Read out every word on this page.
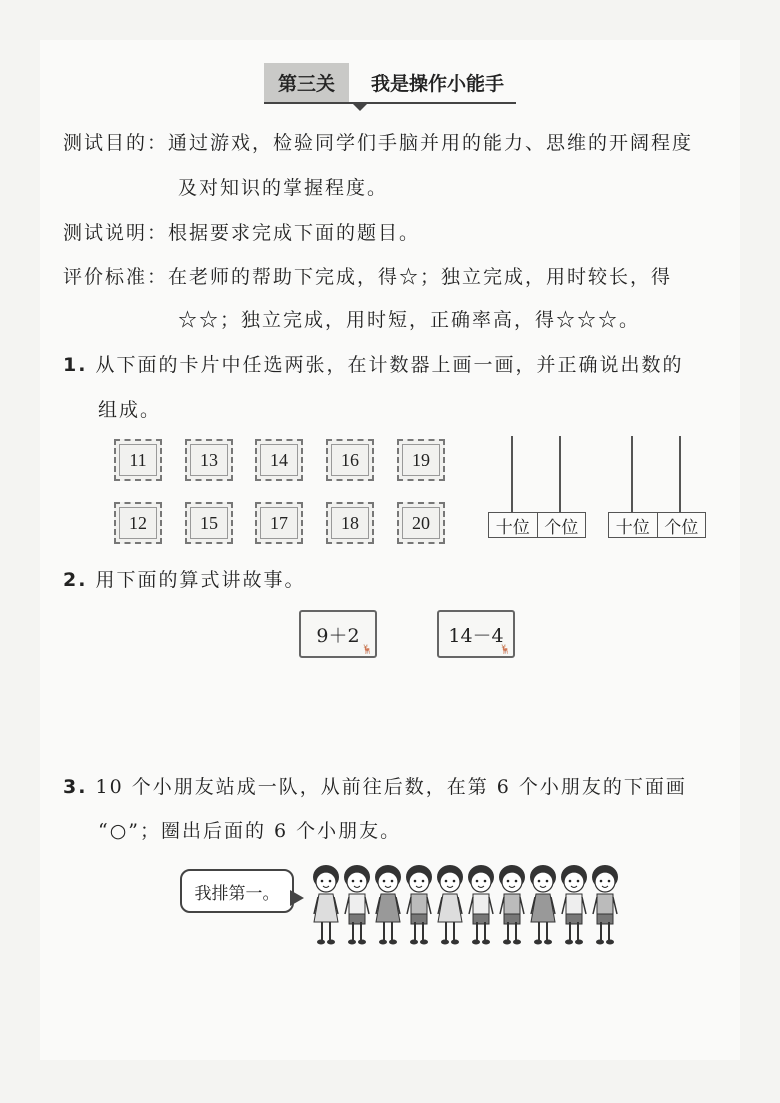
第三关	我是操作小能手
测试目的：通过游戏，检验同学们手脑并用的能力、思维的开阔程度
及对知识的掌握程度。
测试说明：根据要求完成下面的题目。
评价标准：在老师的帮助下完成，得☆；独立完成，用时较长，得
☆☆；独立完成，用时短，正确率高，得☆☆☆。
1. 从下面的卡片中任选两张，在计数器上画一画，并正确说出数的
组成。
11	13	14	16	19
12	15	17	18	20	十位 个位	十位 个位
2. 用下面的算式讲故事。
9＋2
🦌
14－4
🦌
3. 10 个小朋友站成一队，从前往后数，在第 6 个小朋友的下面画
“○”；圈出后面的 6 个小朋友。
我排第一。
